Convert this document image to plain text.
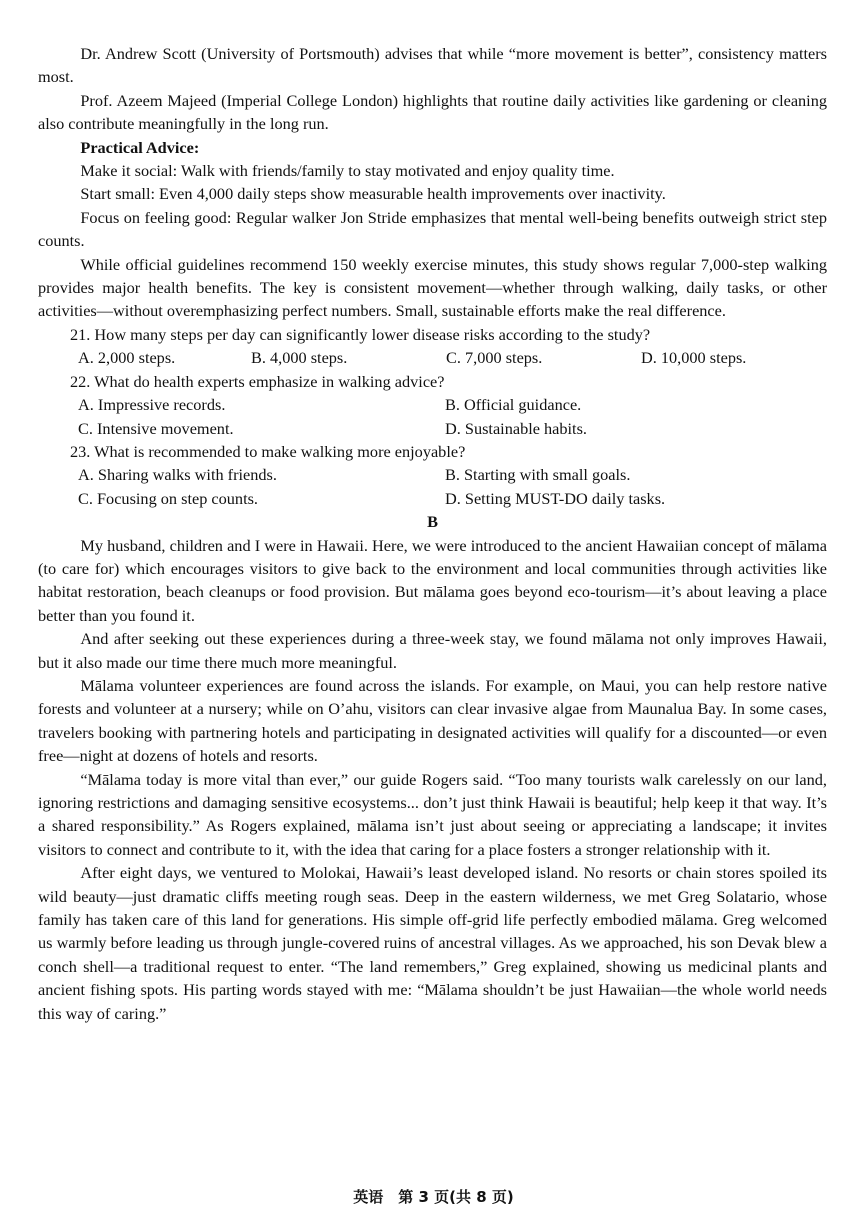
Dr. Andrew Scott (University of Portsmouth) advises that while “more movement is better”, consistency matters most.

Prof. Azeem Majeed (Imperial College London) highlights that routine daily activities like gardening or cleaning also contribute meaningfully in the long run.

Practical Advice:

Make it social: Walk with friends/family to stay motivated and enjoy quality time.

Start small: Even 4,000 daily steps show measurable health improvements over inactivity.

Focus on feeling good: Regular walker Jon Stride emphasizes that mental well-being benefits outweigh strict step counts.

While official guidelines recommend 150 weekly exercise minutes, this study shows regular 7,000-step walking provides major health benefits. The key is consistent movement—whether through walking, daily tasks, or other activities—without overemphasizing perfect numbers. Small, sustainable efforts make the real difference.

21. How many steps per day can significantly lower disease risks according to the study?

A. 2,000 steps.	B. 4,000 steps.	C. 7,000 steps.	D. 10,000 steps.

22. What do health experts emphasize in walking advice?

A. Impressive records.	B. Official guidance.
C. Intensive movement.	D. Sustainable habits.

23. What is recommended to make walking more enjoyable?

A. Sharing walks with friends.	B. Starting with small goals.
C. Focusing on step counts.	D. Setting MUST-DO daily tasks.

B

My husband, children and I were in Hawaii. Here, we were introduced to the ancient Hawaiian concept of mālama (to care for) which encourages visitors to give back to the environment and local communities through activities like habitat restoration, beach cleanups or food provision. But mālama goes beyond eco-tourism—it’s about leaving a place better than you found it.

And after seeking out these experiences during a three-week stay, we found mālama not only improves Hawaii, but it also made our time there much more meaningful.

Mālama volunteer experiences are found across the islands. For example, on Maui, you can help restore native forests and volunteer at a nursery; while on O’ahu, visitors can clear invasive algae from Maunalua Bay. In some cases, travelers booking with partnering hotels and participating in designated activities will qualify for a discounted—or even free—night at dozens of hotels and resorts.

“Mālama today is more vital than ever,” our guide Rogers said. “Too many tourists walk carelessly on our land, ignoring restrictions and damaging sensitive ecosystems... don’t just think Hawaii is beautiful; help keep it that way. It’s a shared responsibility.” As Rogers explained, mālama isn’t just about seeing or appreciating a landscape; it invites visitors to connect and contribute to it, with the idea that caring for a place fosters a stronger relationship with it.

After eight days, we ventured to Molokai, Hawaii’s least developed island. No resorts or chain stores spoiled its wild beauty—just dramatic cliffs meeting rough seas. Deep in the eastern wilderness, we met Greg Solatario, whose family has taken care of this land for generations. His simple off-grid life perfectly embodied mālama. Greg welcomed us warmly before leading us through jungle-covered ruins of ancestral villages. As we approached, his son Devak blew a conch shell—a traditional request to enter. “The land remembers,” Greg explained, showing us medicinal plants and ancient fishing spots. His parting words stayed with me: “Mālama shouldn’t be just Hawaiian—the whole world needs this way of caring.”

英语　第 3 页(共 8 页)
